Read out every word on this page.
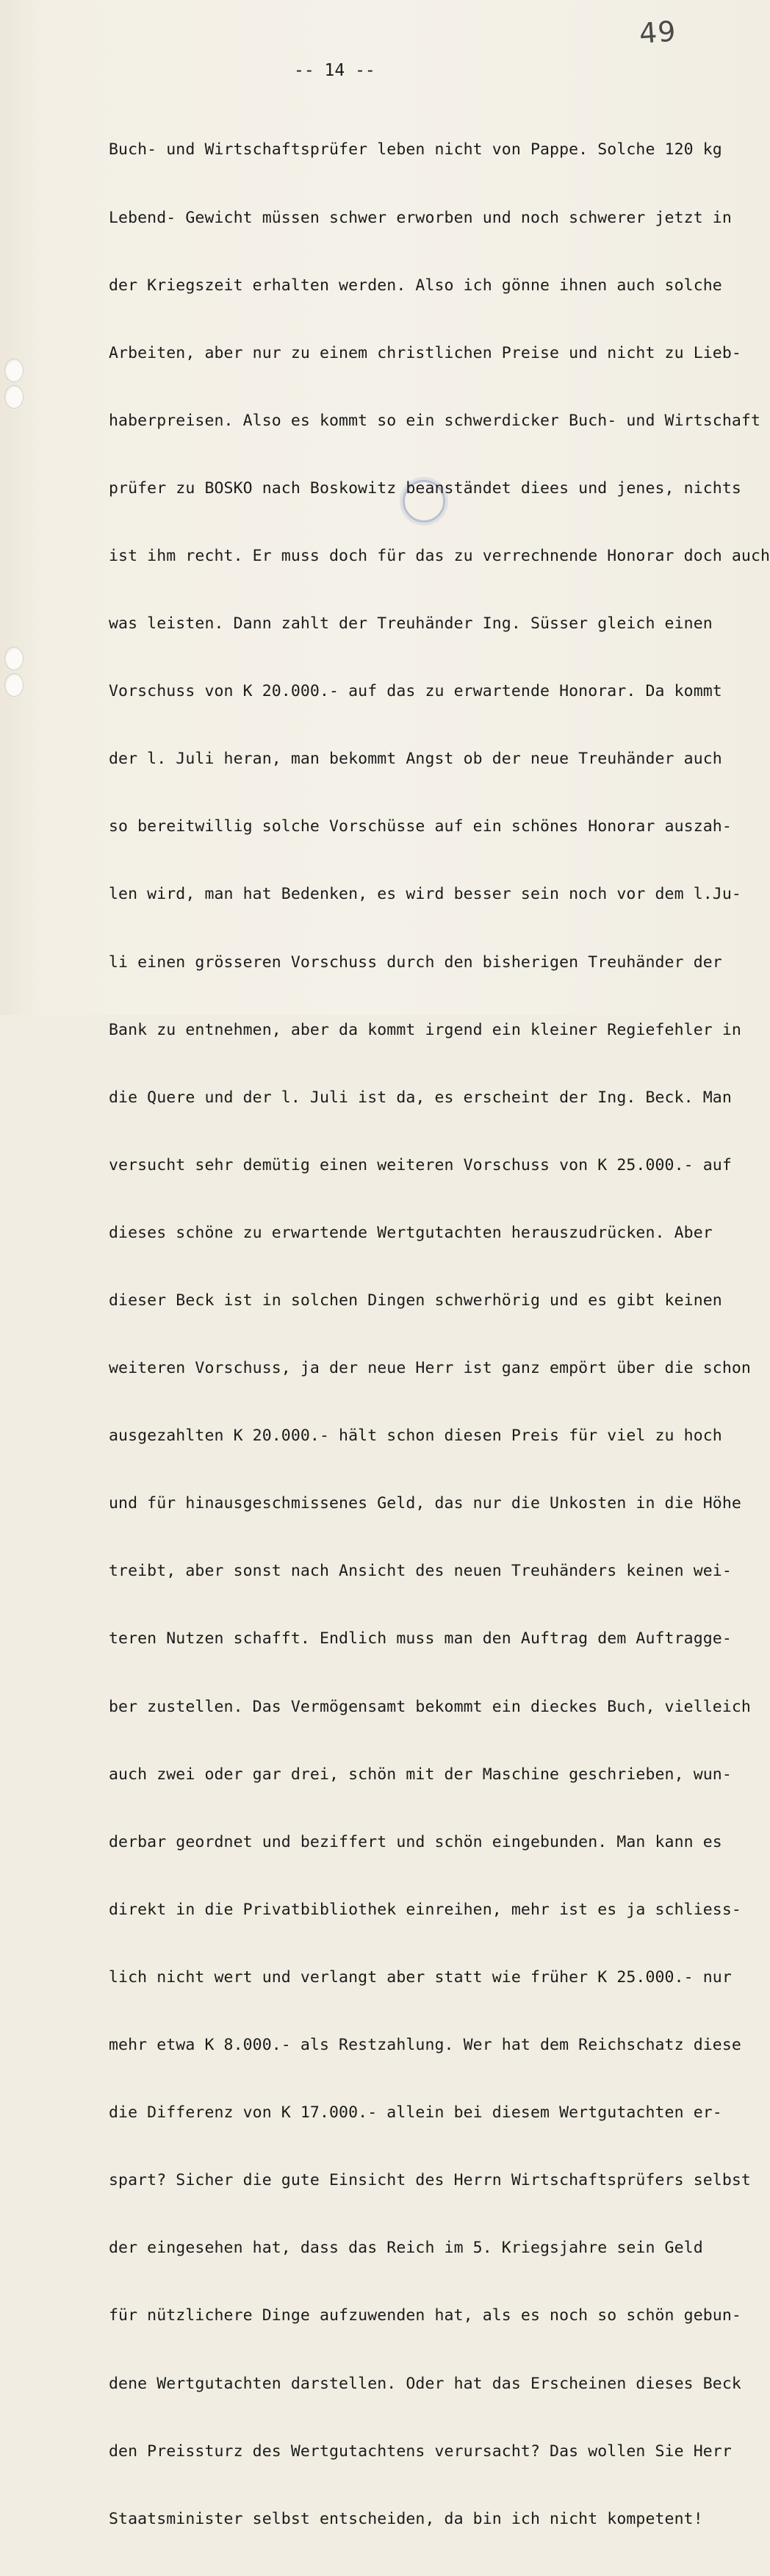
49
-- 14 --

Buch- und Wirtschaftsprüfer leben nicht von Pappe. Solche 120 kg

Lebend- Gewicht müssen schwer erworben und noch schwerer jetzt in

der Kriegszeit erhalten werden. Also ich gönne ihnen auch solche

Arbeiten, aber nur zu einem christlichen Preise und nicht zu Lieb-

haberpreisen. Also es kommt so ein schwerdicker Buch- und Wirtschaft

prüfer zu BOSKO nach Boskowitz beanständet diees und jenes, nichts

ist ihm recht. Er muss doch für das zu verrechnende Honorar doch auch

was leisten. Dann zahlt der Treuhänder Ing. Süsser gleich einen

Vorschuss von K 20.000.- auf das zu erwartende Honorar. Da kommt

der l. Juli heran, man bekommt Angst ob der neue Treuhänder auch

so bereitwillig solche Vorschüsse auf ein schönes Honorar auszah-

len wird, man hat Bedenken, es wird besser sein noch vor dem l.Ju-

li einen grösseren Vorschuss durch den bisherigen Treuhänder der

Bank zu entnehmen, aber da kommt irgend ein kleiner Regiefehler in

die Quere und der l. Juli ist da, es erscheint der Ing. Beck. Man

versucht sehr demütig einen weiteren Vorschuss von K 25.000.- auf

dieses schöne zu erwartende Wertgutachten herauszudrücken. Aber

dieser Beck ist in solchen Dingen schwerhörig und es gibt keinen

weiteren Vorschuss, ja der neue Herr ist ganz empört über die schon

ausgezahlten K 20.000.- hält schon diesen Preis für viel zu hoch

und für hinausgeschmissenes Geld, das nur die Unkosten in die Höhe

treibt, aber sonst nach Ansicht des neuen Treuhänders keinen wei-

teren Nutzen schafft. Endlich muss man den Auftrag dem Auftragge-

ber zustellen. Das Vermögensamt bekommt ein dieckes Buch, vielleich

auch zwei oder gar drei, schön mit der Maschine geschrieben, wun-

derbar geordnet und beziffert und schön eingebunden. Man kann es

direkt in die Privatbibliothek einreihen, mehr ist es ja schliess-

lich nicht wert und verlangt aber statt wie früher K 25.000.- nur

mehr etwa K 8.000.- als Restzahlung. Wer hat dem Reichschatz diese

die Differenz von K 17.000.- allein bei diesem Wertgutachten er-

spart? Sicher die gute Einsicht des Herrn Wirtschaftsprüfers selbst

der eingesehen hat, dass das Reich im 5. Kriegsjahre sein Geld

für nützlichere Dinge aufzuwenden hat, als es noch so schön gebun-

dene Wertgutachten darstellen. Oder hat das Erscheinen dieses Beck

den Preissturz des Wertgutachtens verursacht? Das wollen Sie Herr

Staatsminister selbst entscheiden, da bin ich nicht kompetent!
